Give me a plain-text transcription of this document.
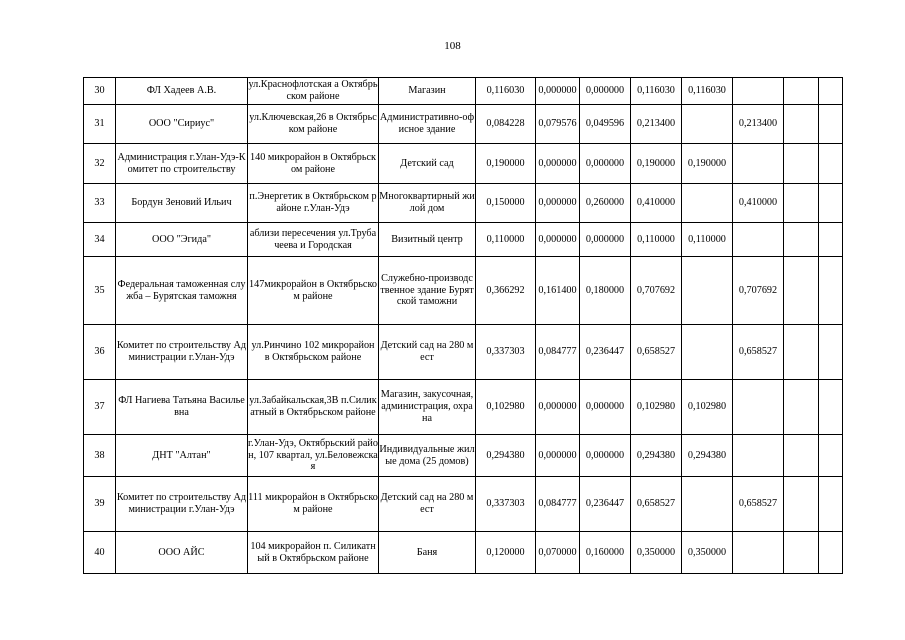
108
30	ФЛ Хадеев А.В.	ул.Краснофлотская а Октябрьском районе	Магазин	0,116030	0,000000	0,000000	0,116030	0,116030			
31	ООО "Сириус"	ул.Ключевская,26 в Октябрьском районе	Административно-офисное здание	0,084228	0,079576	0,049596	0,213400		0,213400		
32	Администрация г.Улан-Удэ-Комитет по строительству	140 микрорайон в Октябрьском районе	Детский сад	0,190000	0,000000	0,000000	0,190000	0,190000			
33	Бордун Зеновий Ильич	п.Энергетик в Октябрьском районе г.Улан-Удэ	Многоквартирный жилой дом	0,150000	0,000000	0,260000	0,410000		0,410000		
34	ООО "Эгида"	аблизи пересечения ул.Трубачеева и Городская	Визитный центр	0,110000	0,000000	0,000000	0,110000	0,110000			
35	Федеральная таможенная служба – Бурятская таможня	147микрорайон в Октябрьском районе	Служебно-производственное здание Бурятской таможни	0,366292	0,161400	0,180000	0,707692		0,707692		
36	Комитет по строительству Администрации г.Улан-Удэ	ул.Ринчино 102 микрорайон в Октябрьском районе	Детский сад на 280 мест	0,337303	0,084777	0,236447	0,658527		0,658527		
37	ФЛ Нагиева Татьяна Васильевна	ул.Забайкальская,3В п.Силикатный в Октябрьском районе	Магазин, закусочная, администрация, охрана	0,102980	0,000000	0,000000	0,102980	0,102980			
38	ДНТ "Алтан"	г.Улан-Удэ, Октябрьский район, 107 квартал, ул.Беловежская	Индивидуальные жилые дома (25 домов)	0,294380	0,000000	0,000000	0,294380	0,294380			
39	Комитет по строительству Администрации г.Улан-Удэ	111 микрорайон в Октябрьском районе	Детский сад на 280 мест	0,337303	0,084777	0,236447	0,658527		0,658527		
40	ООО АЙС	104 микрорайон п. Силикатный в Октябрьском районе	Баня	0,120000	0,070000	0,160000	0,350000	0,350000			
